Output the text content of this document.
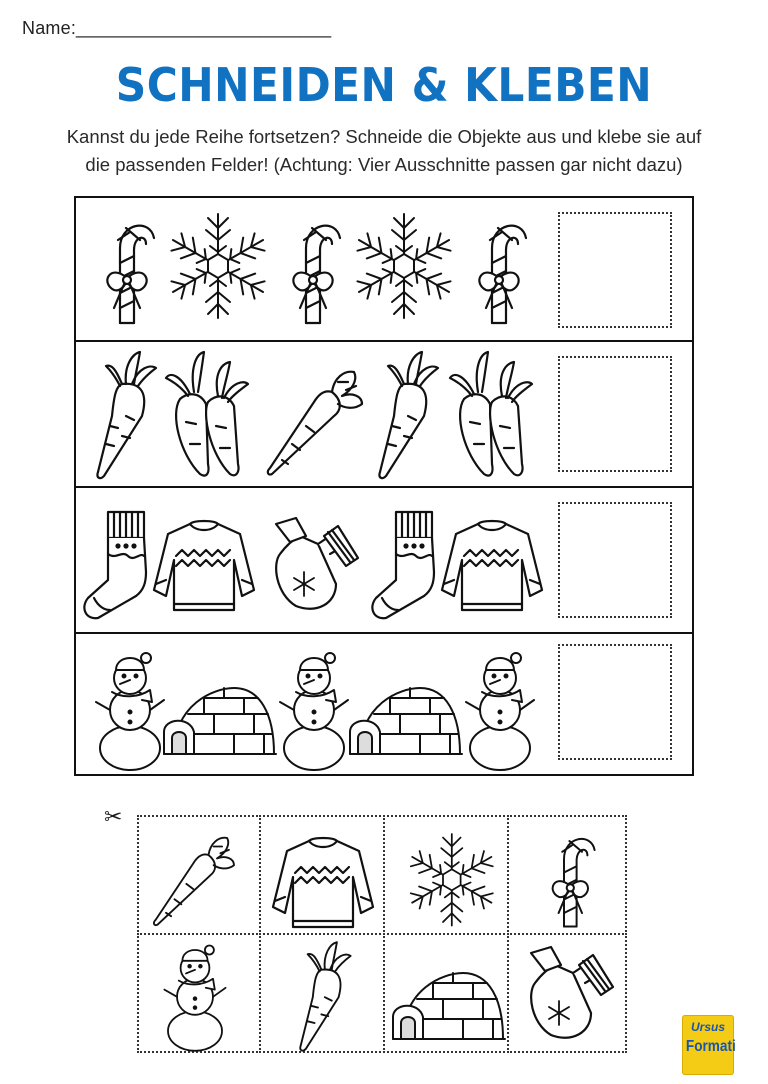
Name:_________________________
SCHNEIDEN & KLEBEN
Kannst du jede Reihe fortsetzen? Schneide die Objekte aus und klebe sie auf
die passenden Felder! (Achtung: Vier Ausschnitte passen gar nicht dazu)
✂
Ursus
Formati
